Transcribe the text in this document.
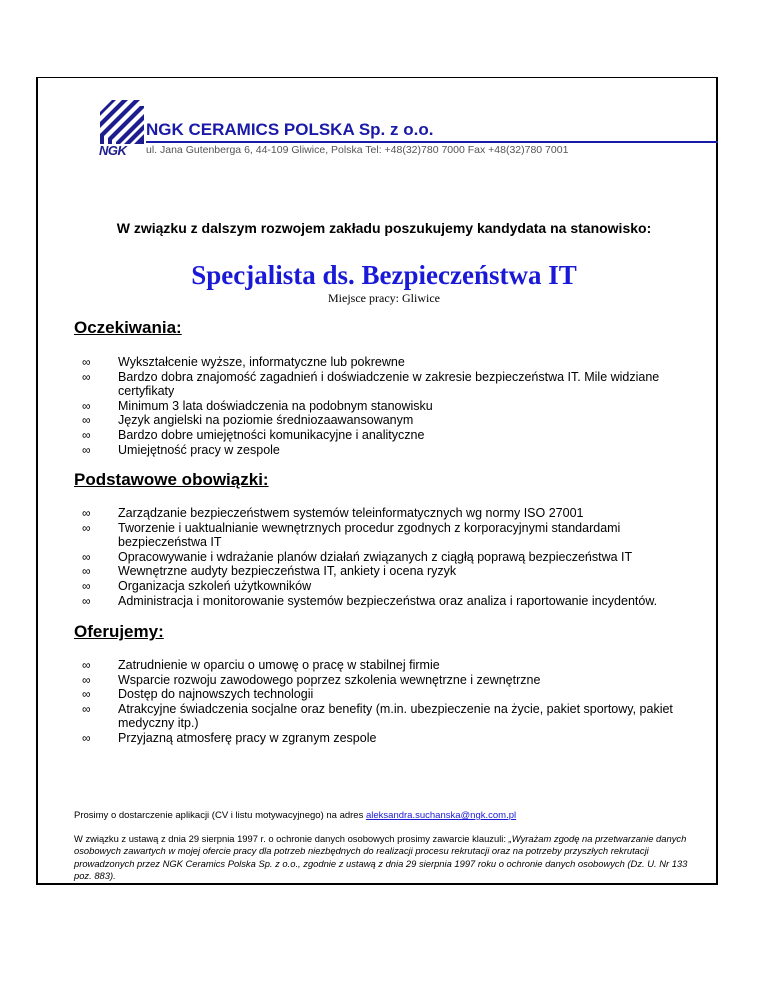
NGK
NGK CERAMICS POLSKA Sp. z o.o.
ul. Jana Gutenberga 6, 44-109 Gliwice, Polska Tel: +48(32)780 7000 Fax +48(32)780 7001
W związku z dalszym rozwojem zakładu poszukujemy kandydata na stanowisko:
Specjalista ds. Bezpieczeństwa IT
Miejsce pracy: Gliwice
Oczekiwania:
∞ Wykształcenie wyższe, informatyczne lub pokrewne
∞ Bardzo dobra znajomość zagadnień i doświadczenie w zakresie bezpieczeństwa IT. Mile widziane certyfikaty
∞ Minimum 3 lata doświadczenia na podobnym stanowisku
∞ Język angielski na poziomie średniozaawansowanym
∞ Bardzo dobre umiejętności komunikacyjne i analityczne
∞ Umiejętność pracy w zespole
Podstawowe obowiązki:
∞ Zarządzanie bezpieczeństwem systemów teleinformatycznych wg normy ISO 27001
∞ Tworzenie i uaktualnianie wewnętrznych procedur zgodnych z korporacyjnymi standardami bezpieczeństwa IT
∞ Opracowywanie i wdrażanie planów działań związanych z ciągłą poprawą bezpieczeństwa IT
∞ Wewnętrzne audyty bezpieczeństwa IT, ankiety i ocena ryzyk
∞ Organizacja szkoleń użytkowników
∞ Administracja i monitorowanie systemów bezpieczeństwa oraz analiza i raportowanie incydentów.
Oferujemy:
∞ Zatrudnienie w oparciu o umowę o pracę w stabilnej firmie
∞ Wsparcie rozwoju zawodowego poprzez szkolenia wewnętrzne i zewnętrzne
∞ Dostęp do najnowszych technologii
∞ Atrakcyjne świadczenia socjalne oraz benefity (m.in. ubezpieczenie na życie, pakiet sportowy, pakiet medyczny itp.)
∞ Przyjazną atmosferę pracy w zgranym zespole
Prosimy o dostarczenie aplikacji (CV i listu motywacyjnego) na adres aleksandra.suchanska@ngk.com.pl
W związku z ustawą z dnia 29 sierpnia 1997 r. o ochronie danych osobowych prosimy zawarcie klauzuli: „Wyrażam zgodę na przetwarzanie danych osobowych zawartych w mojej ofercie pracy dla potrzeb niezbędnych do realizacji procesu rekrutacji oraz na potrzeby przyszłych rekrutacji prowadzonych przez NGK Ceramics Polska Sp. z o.o., zgodnie z ustawą z dnia 29 sierpnia 1997 roku o ochronie danych osobowych (Dz. U. Nr 133 poz. 883).
